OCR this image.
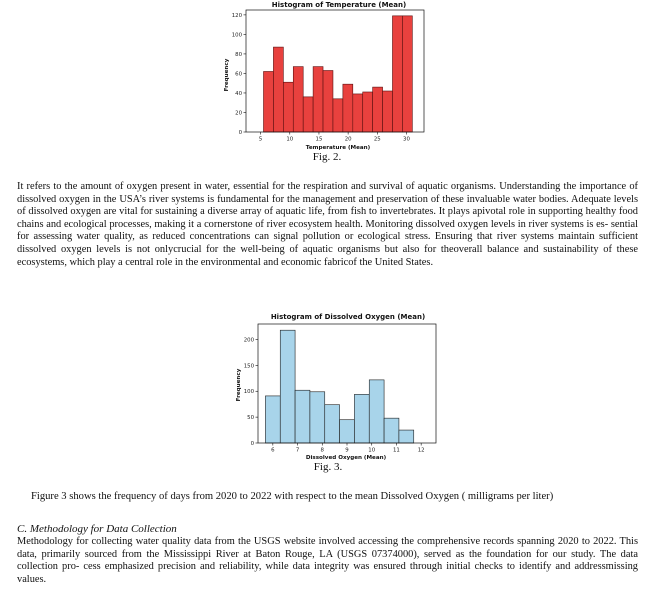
Histogram of Temperature (Mean)
5	10	15	20	25	30
0
20
40
60
80
100
120
Temperature (Mean)
Frequency
Fig. 2.
It refers to the amount of oxygen present in water, essential for the respiration and survival of aquatic organisms. Understanding the importance of dissolved oxygen in the USA’s river systems is fundamental for the management and preservation of these invaluable water bodies. Adequate levels of dissolved oxygen are vital for sustaining a diverse array of aquatic life, from fish to invertebrates. It plays apivotal role in supporting healthy food chains and ecological processes, making it a cornerstone of river ecosystem health. Monitoring dissolved oxygen levels in river systems is es- sential for assessing water quality, as reduced concentrations can signal pollution or ecological stress. Ensuring that river systems maintain sufficient dissolved oxygen levels is not onlycrucial for the well-being of aquatic organisms but also for theoverall balance and sustainability of these ecosystems, which play a central role in the environmental and economic fabricof the United States.
Histogram of Dissolved Oxygen (Mean)
6	7	8	9	10	11	12
0
50
100
150
200
Dissolved Oxygen (Mean)
Frequency
Fig. 3.
Figure 3 shows the frequency of days from 2020 to 2022 with respect to the mean Dissolved Oxygen ( milligrams per liter)
C. Methodology for Data Collection
Methodology for collecting water quality data from the USGS website involved accessing the comprehensive records spanning 2020 to 2022. This data, primarily sourced from the Mississippi River at Baton Rouge, LA (USGS 07374000), served as the foundation for our study. The data collection pro- cess emphasized precision and reliability, while data integrity was ensured through initial checks to identify and addressmissing values.
